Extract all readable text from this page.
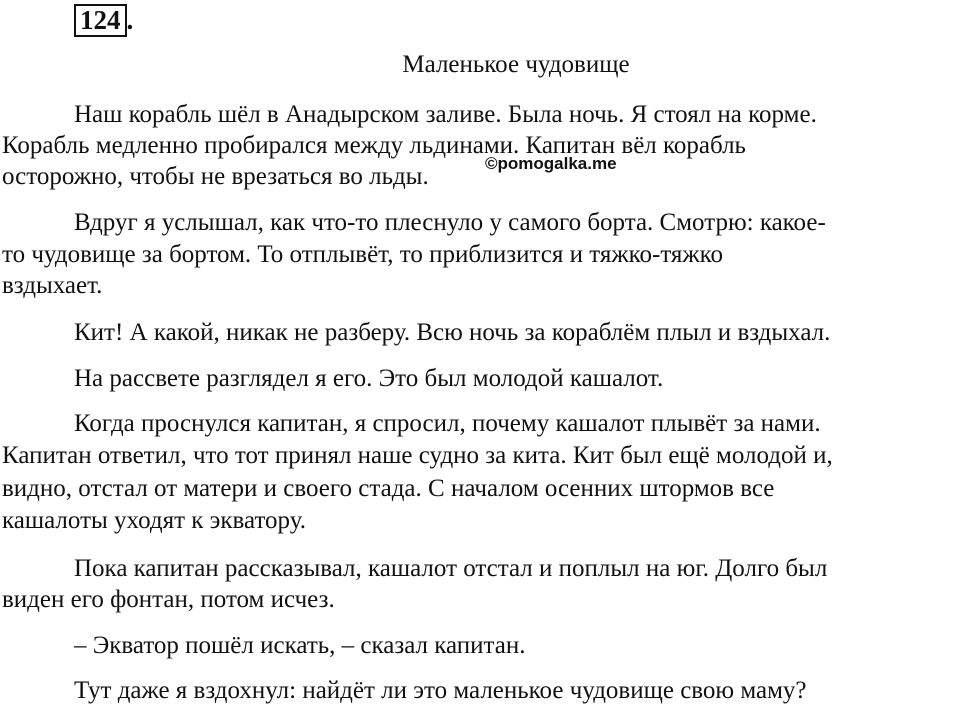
124 .
Маленькое чудовище
Наш корабль шёл в Анадырском заливе. Была ночь. Я стоял на корме.
Корабль медленно пробирался между льдинами. Капитан вёл корабль
осторожно, чтобы не врезаться во льды.	©pomogalka.me
Вдруг я услышал, как что-то плеснуло у самого борта. Смотрю: какое-
то чудовище за бортом. То отплывёт, то приблизится и тяжко-тяжко
вздыхает.
Кит! А какой, никак не разберу. Всю ночь за кораблём плыл и вздыхал.
На рассвете разглядел я его. Это был молодой кашалот.
Когда проснулся капитан, я спросил, почему кашалот плывёт за нами.
Капитан ответил, что тот принял наше судно за кита. Кит был ещё молодой и,
видно, отстал от матери и своего стада. С началом осенних штормов все
кашалоты уходят к экватору.
Пока капитан рассказывал, кашалот отстал и поплыл на юг. Долго был
виден его фонтан, потом исчез.
– Экватор пошёл искать, – сказал капитан.
Тут даже я вздохнул: найдёт ли это маленькое чудовище свою маму?
